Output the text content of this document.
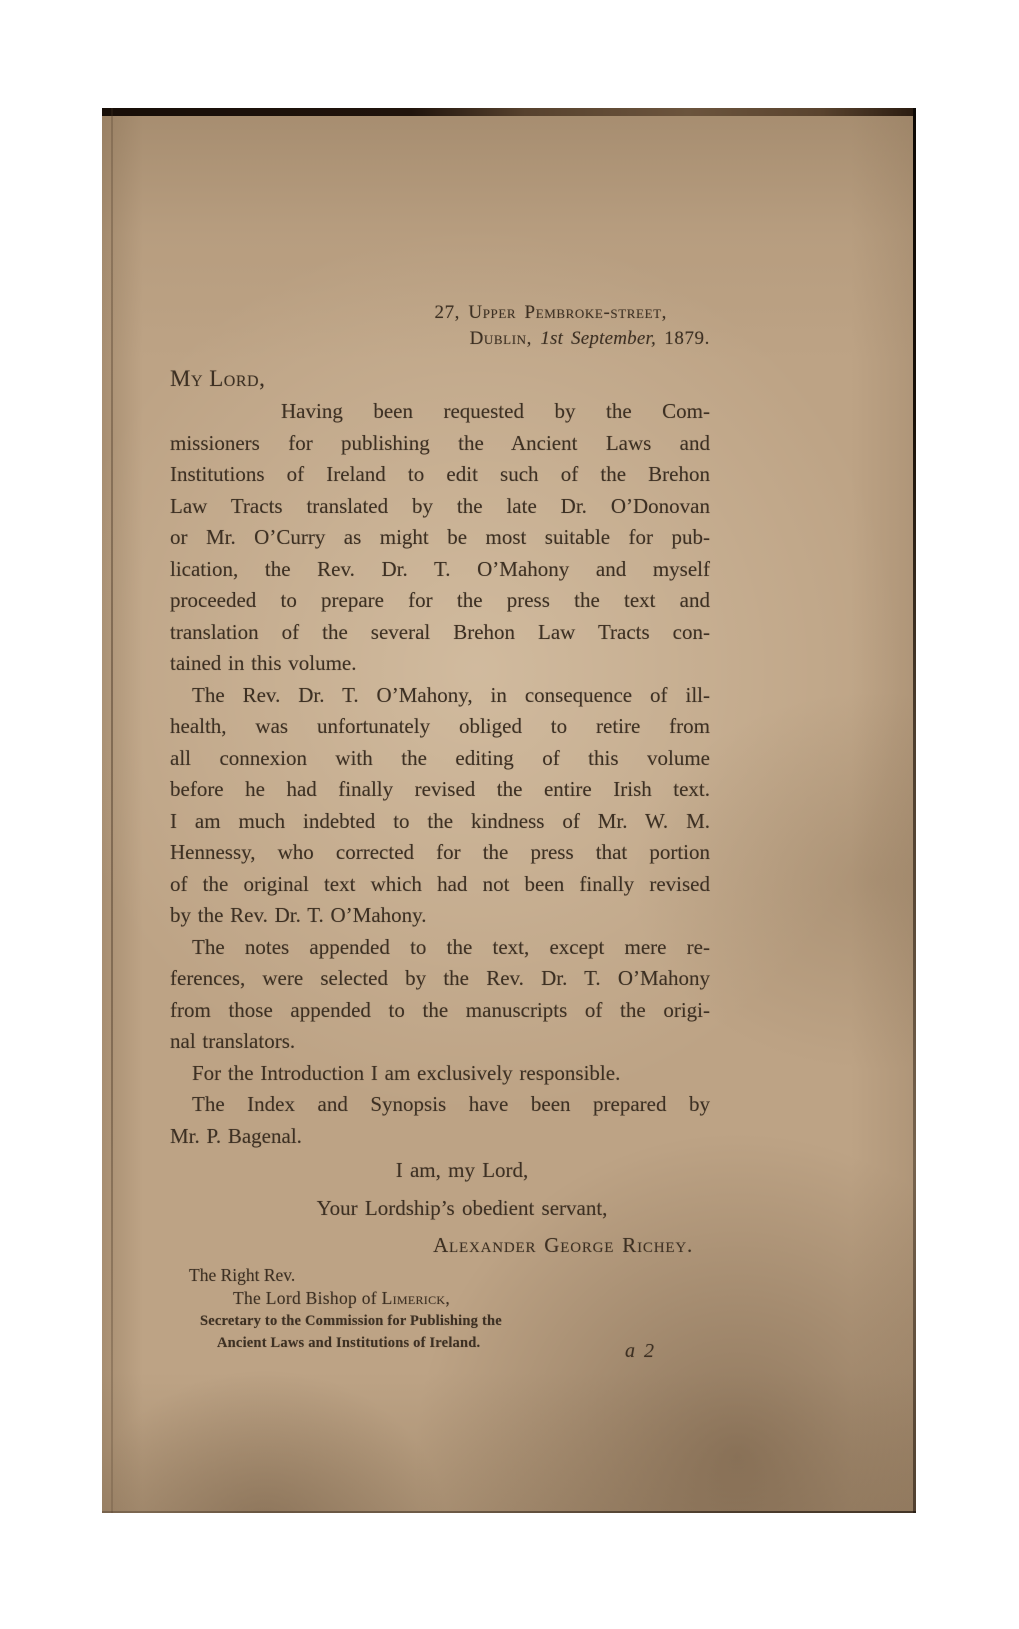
27, Upper Pembroke-street,
Dublin, 1st September, 1879.
My Lord,
Having been requested by the Com-
missioners for publishing the Ancient Laws and
Institutions of Ireland to edit such of the Brehon
Law Tracts translated by the late Dr. O’Donovan
or Mr. O’Curry as might be most suitable for pub-
lication, the Rev. Dr. T. O’Mahony and myself
proceeded to prepare for the press the text and
translation of the several Brehon Law Tracts con-
tained in this volume.
The Rev. Dr. T. O’Mahony, in consequence of ill-
health, was unfortunately obliged to retire from
all connexion with the editing of this volume
before he had finally revised the entire Irish text.
I am much indebted to the kindness of Mr. W. M.
Hennessy, who corrected for the press that portion
of the original text which had not been finally revised
by the Rev. Dr. T. O’Mahony.
The notes appended to the text, except mere re-
ferences, were selected by the Rev. Dr. T. O’Mahony
from those appended to the manuscripts of the origi-
nal translators.
For the Introduction I am exclusively responsible.
The Index and Synopsis have been prepared by
Mr. P. Bagenal.
I am, my Lord,
Your Lordship’s obedient servant,
Alexander George Richey.
The Right Rev.
The Lord Bishop of Limerick,
Secretary to the Commission for Publishing the
Ancient Laws and Institutions of Ireland.	a 2
